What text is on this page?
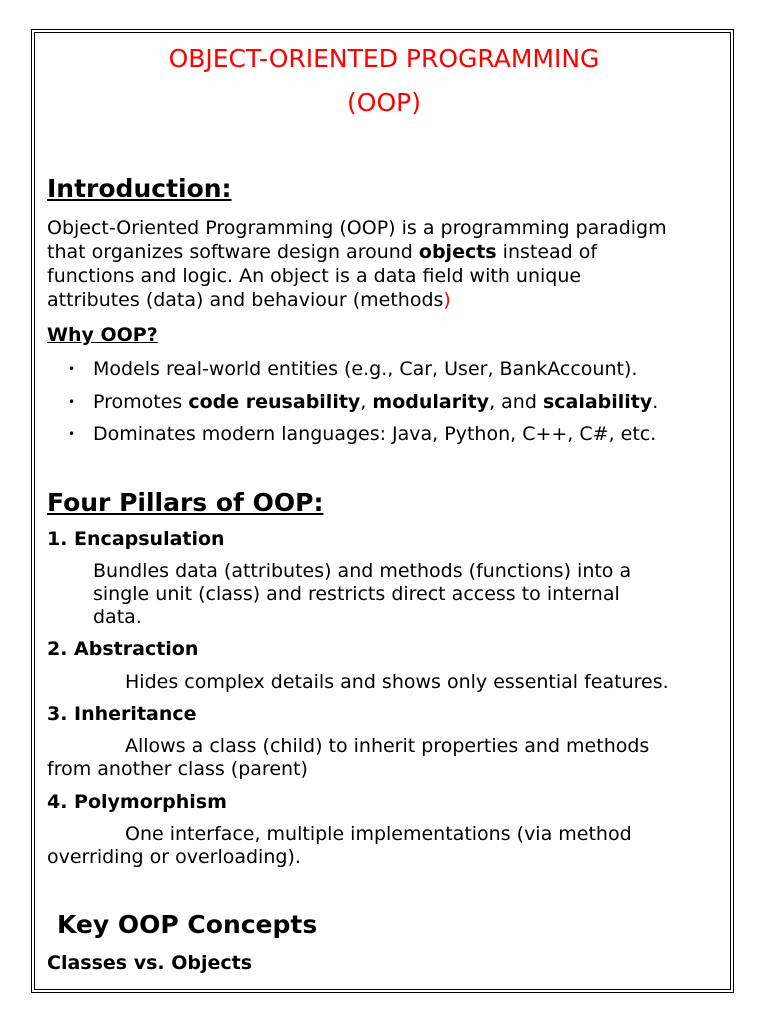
OBJECT-ORIENTED PROGRAMMING
(OOP)
Introduction:
Object-Oriented Programming (OOP) is a programming paradigm
that organizes software design around objects instead of
functions and logic. An object is a data field with unique
attributes (data) and behaviour (methods)
Why OOP?
• Models real-world entities (e.g., Car, User, BankAccount).
• Promotes code reusability, modularity, and scalability.
• Dominates modern languages: Java, Python, C++, C#, etc.
Four Pillars of OOP:
1. Encapsulation
Bundles data (attributes) and methods (functions) into a
single unit (class) and restricts direct access to internal
data.
2. Abstraction
Hides complex details and shows only essential features.
3. Inheritance
Allows a class (child) to inherit properties and methods
from another class (parent)
4. Polymorphism
One interface, multiple implementations (via method
overriding or overloading).
Key OOP Concepts
Classes vs. Objects
